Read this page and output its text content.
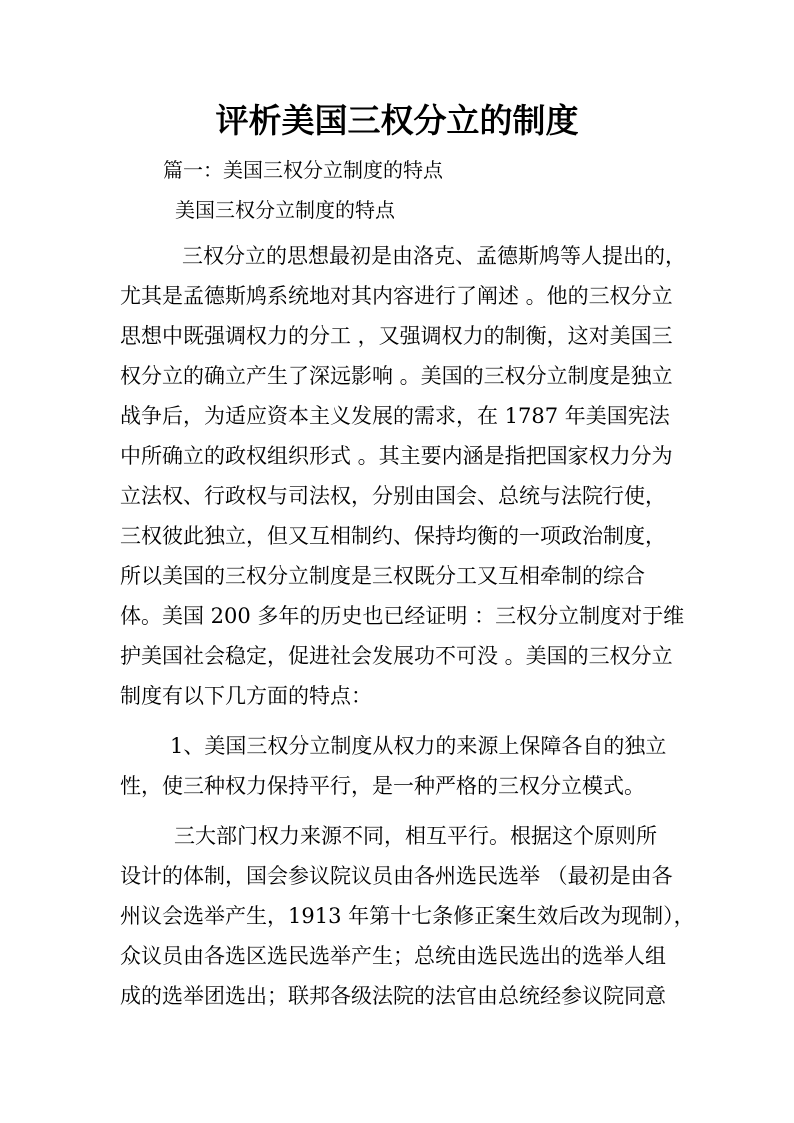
评析美国三权分立的制度
篇一：美国三权分立制度的特点
美国三权分立制度的特点
三权分立的思想最初是由洛克、孟德斯鸠等人提出的，
尤其是孟德斯鸠系统地对其内容进行了阐述 。他的三权分立
思想中既强调权力的分工 ，又强调权力的制衡，这对美国三
权分立的确立产生了深远影响 。美国的三权分立制度是独立
战争后，为适应资本主义发展的需求，在 1787 年美国宪法
中所确立的政权组织形式 。其主要内涵是指把国家权力分为
立法权、行政权与司法权，分别由国会、总统与法院行使，
三权彼此独立，但又互相制约、保持均衡的一项政治制度，
所以美国的三权分立制度是三权既分工又互相牵制的综合
体。美国 200 多年的历史也已经证明 ：三权分立制度对于维
护美国社会稳定，促进社会发展功不可没 。美国的三权分立
制度有以下几方面的特点：
1、美国三权分立制度从权力的来源上保障各自的独立
性，使三种权力保持平行，是一种严格的三权分立模式。
三大部门权力来源不同，相互平行。根据这个原则所
设计的体制，国会参议院议员由各州选民选举 （最初是由各
州议会选举产生，1913 年第十七条修正案生效后改为现制），
众议员由各选区选民选举产生；总统由选民选出的选举人组
成的选举团选出；联邦各级法院的法官由总统经参议院同意
